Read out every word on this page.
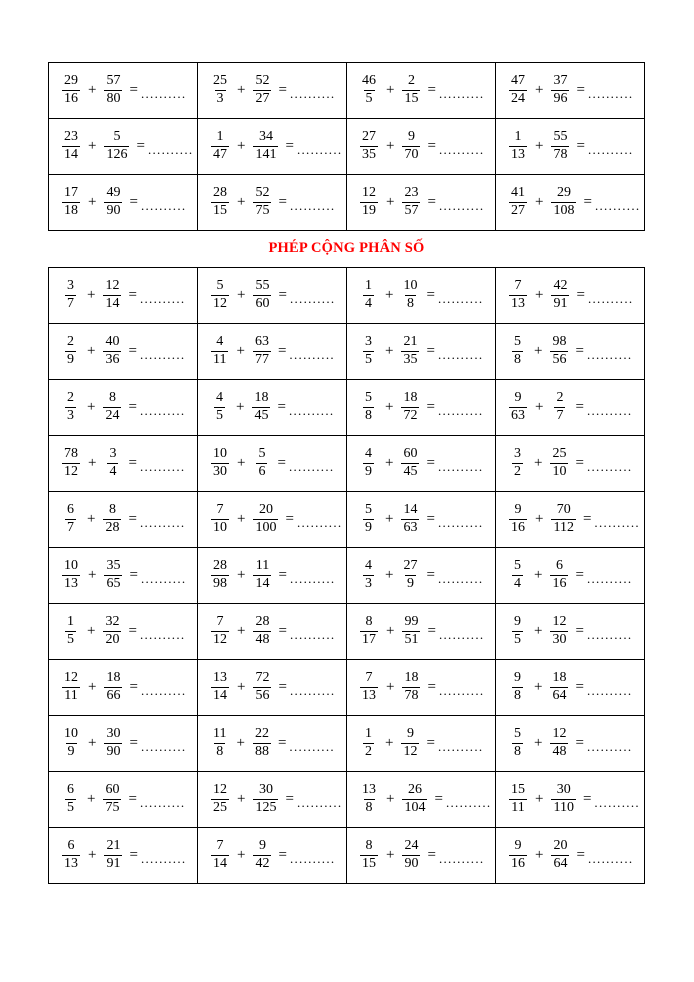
$\frac{29}{16} + \frac{57}{80}$ = ..........	$\frac{25}{3} + \frac{52}{27}$ = ..........	$\frac{46}{5} + \frac{2}{15}$ = ..........	$\frac{47}{24} + \frac{37}{96}$ = ..........

$\frac{23}{14} + \frac{5}{126}$ = ..........	$\frac{1}{47} + \frac{34}{141}$ = ..........	$\frac{27}{35} + \frac{9}{70}$ = ..........	$\frac{1}{13} + \frac{55}{78}$ = ..........

$\frac{17}{18} + \frac{49}{90}$ = ..........	$\frac{28}{15} + \frac{52}{75}$ = ..........	$\frac{12}{19} + \frac{23}{57}$ = ..........	$\frac{41}{27} + \frac{29}{108}$ = ..........
PHÉP CỘNG PHÂN SỐ
$\frac{3}{7} + \frac{12}{14}$ = ..........	$\frac{5}{12} + \frac{55}{60}$ = ..........	$\frac{1}{4} + \frac{10}{8}$ = ..........	$\frac{7}{13} + \frac{42}{91}$ = ..........

$\frac{2}{9} + \frac{40}{36}$ = ..........	$\frac{4}{11} + \frac{63}{77}$ = ..........	$\frac{3}{5} + \frac{21}{35}$ = ..........	$\frac{5}{8} + \frac{98}{56}$ = ..........

$\frac{2}{3} + \frac{8}{24}$ = ..........	$\frac{4}{5} + \frac{18}{45}$ = ..........	$\frac{5}{8} + \frac{18}{72}$ = ..........	$\frac{9}{63} + \frac{2}{7}$ = ..........

$\frac{78}{12} + \frac{3}{4}$ = ..........	$\frac{10}{30} + \frac{5}{6}$ = ..........	$\frac{4}{9} + \frac{60}{45}$ = ..........	$\frac{3}{2} + \frac{25}{10}$ = ..........

$\frac{6}{7} + \frac{8}{28}$ = ..........	$\frac{7}{10} + \frac{20}{100}$ = ..........	$\frac{5}{9} + \frac{14}{63}$ = ..........	$\frac{9}{16} + \frac{70}{112}$ = ..........

$\frac{10}{13} + \frac{35}{65}$ = ..........	$\frac{28}{98} + \frac{11}{14}$ = ..........	$\frac{4}{3} + \frac{27}{9}$ = ..........	$\frac{5}{4} + \frac{6}{16}$ = ..........

$\frac{1}{5} + \frac{32}{20}$ = ..........	$\frac{7}{12} + \frac{28}{48}$ = ..........	$\frac{8}{17} + \frac{99}{51}$ = ..........	$\frac{9}{5} + \frac{12}{30}$ = ..........

$\frac{12}{11} + \frac{18}{66}$ = ..........	$\frac{13}{14} + \frac{72}{56}$ = ..........	$\frac{7}{13} + \frac{18}{78}$ = ..........	$\frac{9}{8} + \frac{18}{64}$ = ..........

$\frac{10}{9} + \frac{30}{90}$ = ..........	$\frac{11}{8} + \frac{22}{88}$ = ..........	$\frac{1}{2} + \frac{9}{12}$ = ..........	$\frac{5}{8} + \frac{12}{48}$ = ..........

$\frac{6}{5} + \frac{60}{75}$ = ..........	$\frac{12}{25} + \frac{30}{125}$ = ..........	$\frac{13}{8} + \frac{26}{104}$ = ..........	$\frac{15}{11} + \frac{30}{110}$ = ..........

$\frac{6}{13} + \frac{21}{91}$ = ..........	$\frac{7}{14} + \frac{9}{42}$ = ..........	$\frac{8}{15} + \frac{24}{90}$ = ..........	$\frac{9}{16} + \frac{20}{64}$ = ..........
